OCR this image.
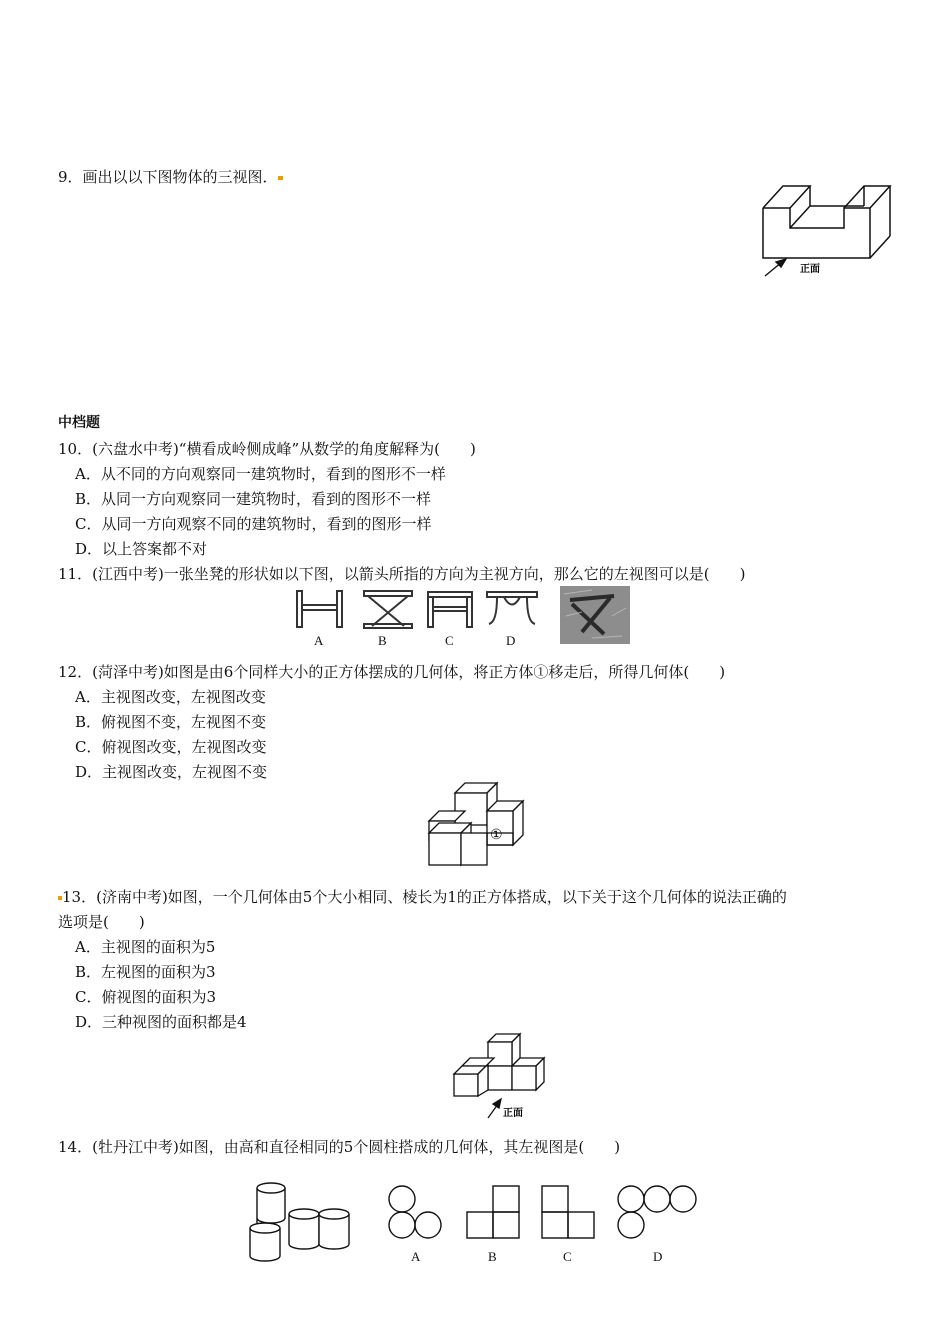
9．画出以以下图物体的三视图．
正面
中档题
10．(六盘水中考)“横看成岭侧成峰”从数学的角度解释为(　　)
A．从不同的方向观察同一建筑物时，看到的图形不一样
B．从同一方向观察同一建筑物时，看到的图形不一样
C．从同一方向观察不同的建筑物时，看到的图形一样
D．以上答案都不对
11．(江西中考)一张坐凳的形状如以下图，以箭头所指的方向为主视方向，那么它的左视图可以是(　　)
A	B	C	D
12．(菏泽中考)如图是由6个同样大小的正方体摆成的几何体，将正方体①移走后，所得几何体(　　)
A．主视图改变，左视图改变
B．俯视图不变，左视图不变
C．俯视图改变，左视图改变
D．主视图改变，左视图不变
①
13．(济南中考)如图，一个几何体由5个大小相同、棱长为1的正方体搭成，以下关于这个几何体的说法正确的
选项是(　　)
A．主视图的面积为5
B．左视图的面积为3
C．俯视图的面积为3
D．三种视图的面积都是4
正面
14．(牡丹江中考)如图，由高和直径相同的5个圆柱搭成的几何体，其左视图是(　　)
A	B	C	D
